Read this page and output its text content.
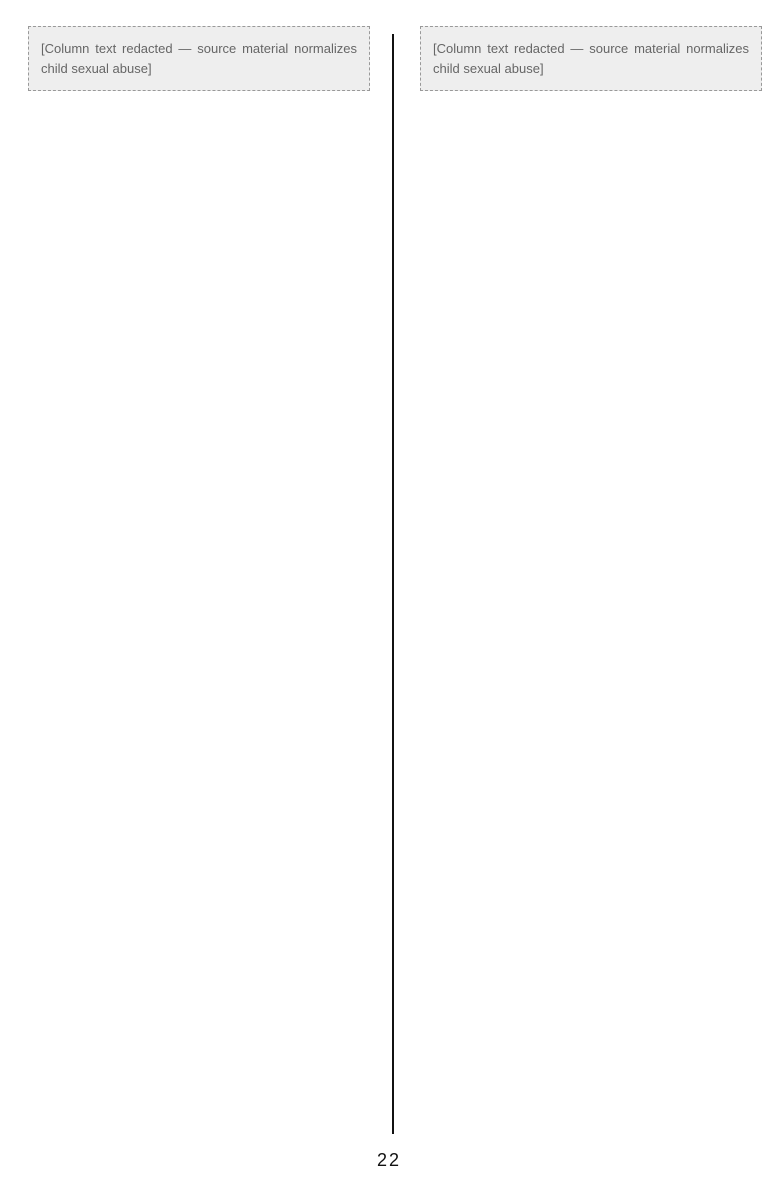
[Column text redacted — source material normalizes child sexual abuse]
[Column text redacted — source material normalizes child sexual abuse]
22
